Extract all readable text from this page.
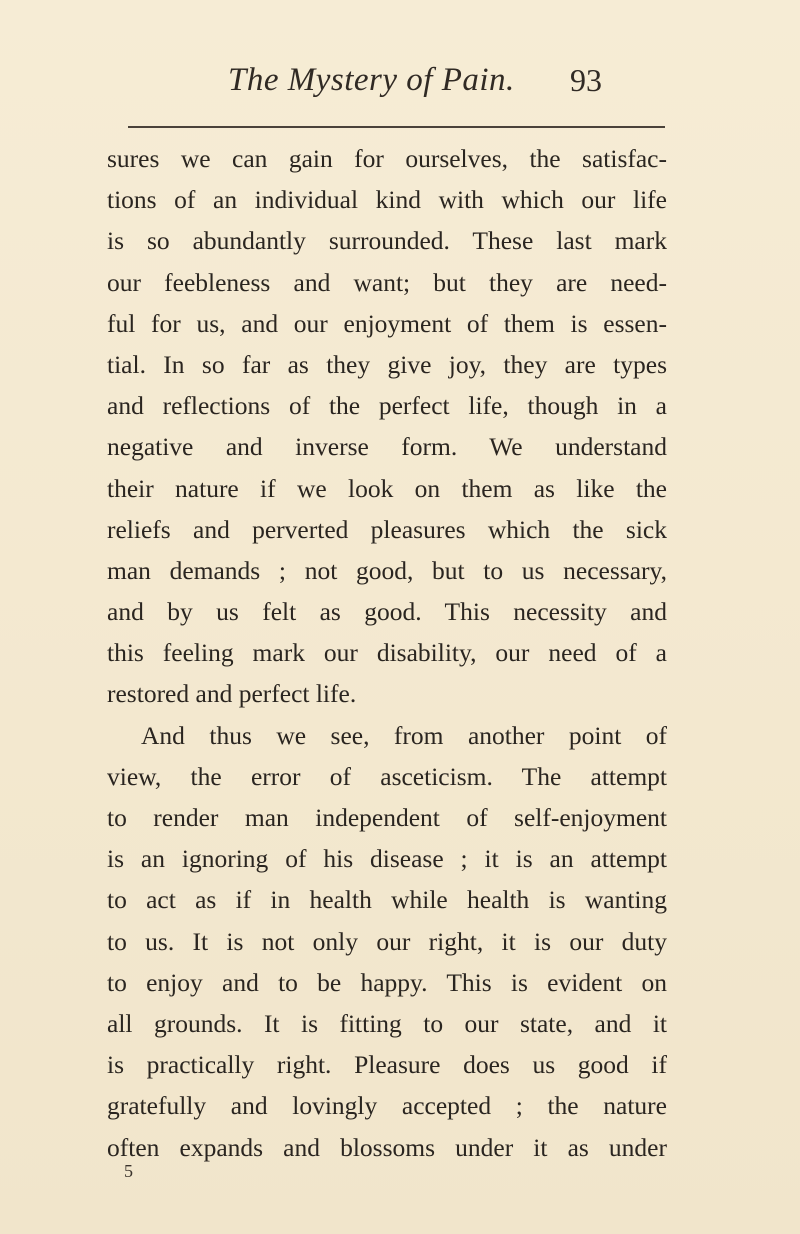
The Mystery of Pain. 93
sures we can gain for ourselves, the satisfac-
tions of an individual kind with which our life
is so abundantly surrounded. These last mark
our feebleness and want; but they are need-
ful for us, and our enjoyment of them is essen-
tial. In so far as they give joy, they are types
and reflections of the perfect life, though in a
negative and inverse form. We understand
their nature if we look on them as like the
reliefs and perverted pleasures which the sick
man demands ; not good, but to us necessary,
and by us felt as good. This necessity and
this feeling mark our disability, our need of a
restored and perfect life.
And thus we see, from another point of
view, the error of asceticism. The attempt
to render man independent of self-enjoyment
is an ignoring of his disease ; it is an attempt
to act as if in health while health is wanting
to us. It is not only our right, it is our duty
to enjoy and to be happy. This is evident on
all grounds. It is fitting to our state, and it
is practically right. Pleasure does us good if
gratefully and lovingly accepted ; the nature
often expands and blossoms under it as under
5
